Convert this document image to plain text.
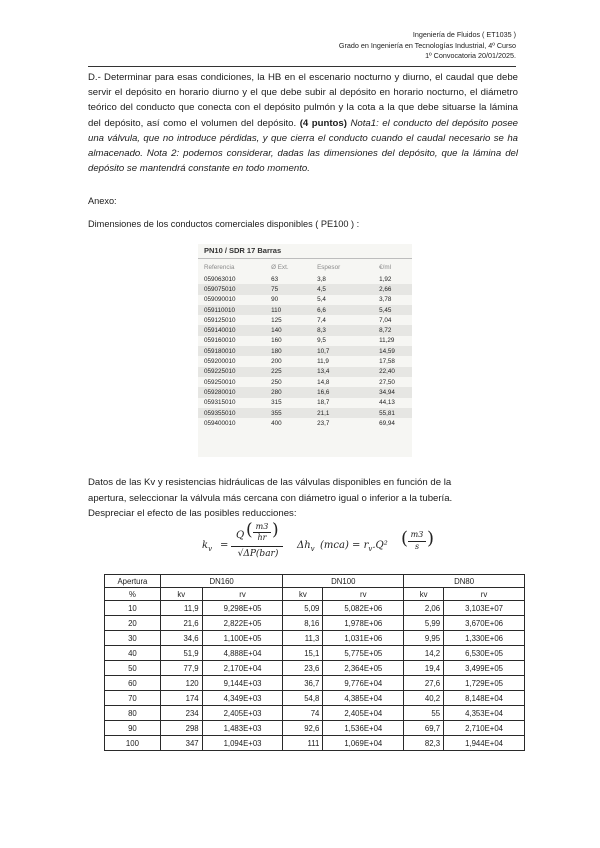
Ingeniería de Fluidos ( ET1035 )
Grado en Ingeniería en Tecnologías Industrial, 4º Curso
1º Convocatoria 20/01/2025.
D.- Determinar para esas condiciones, la HB en el escenario nocturno y diurno, el caudal que debe servir el depósito en horario diurno y el que debe subir al depósito en horario nocturno, el diámetro teórico del conducto que conecta con el depósito pulmón y la cota a la que debe situarse la lámina del depósito, así como el volumen del depósito. (4 puntos) Nota1: el conducto del depósito posee una válvula, que no introduce pérdidas, y que cierra el conducto cuando el caudal necesario se ha almacenado. Nota 2: podemos considerar, dadas las dimensiones del depósito, que la lámina del depósito se mantendrá constante en todo momento.
Anexo:
Dimensiones de los conductos comerciales disponibles ( PE100 ) :
PN10 / SDR 17 Barras
Referencia	Ø Ext.	Espesor	€/ml
059063010	63	3,8	1,92
059075010	75	4,5	2,66
059090010	90	5,4	3,78
059110010	110	6,6	5,45
059125010	125	7,4	7,04
059140010	140	8,3	8,72
059160010	160	9,5	11,29
059180010	180	10,7	14,59
059200010	200	11,9	17,58
059225010	225	13,4	22,40
059250010	250	14,8	27,50
059280010	280	16,6	34,94
059315010	315	18,7	44,13
059355010	355	21,1	55,81
059400010	400	23,7	69,94
Datos de las Kv y resistencias hidráulicas de las válvulas disponibles en función de la
apertura, seleccionar la válvula más cercana con diámetro igual o inferior a la tubería.
Despreciar el efecto de las posibles reducciones:
$k_v$ =
Q ( m3
hr )
√ΔP(bar)
$\Delta h_v$ $(mca) = r_v.Q^2$ ( m3
s )
Apertura	DN160		DN100		DN80	
%	kv	rv	kv	rv	kv	rv
10	11,9	9,298E+05	5,09	5,082E+06	2,06	3,103E+07
20	21,6	2,822E+05	8,16	1,978E+06	5,99	3,670E+06
30	34,6	1,100E+05	11,3	1,031E+06	9,95	1,330E+06
40	51,9	4,888E+04	15,1	5,775E+05	14,2	6,530E+05
50	77,9	2,170E+04	23,6	2,364E+05	19,4	3,499E+05
60	120	9,144E+03	36,7	9,776E+04	27,6	1,729E+05
70	174	4,349E+03	54,8	4,385E+04	40,2	8,148E+04
80	234	2,405E+03	74	2,405E+04	55	4,353E+04
90	298	1,483E+03	92,6	1,536E+04	69,7	2,710E+04
100	347	1,094E+03	111	1,069E+04	82,3	1,944E+04
